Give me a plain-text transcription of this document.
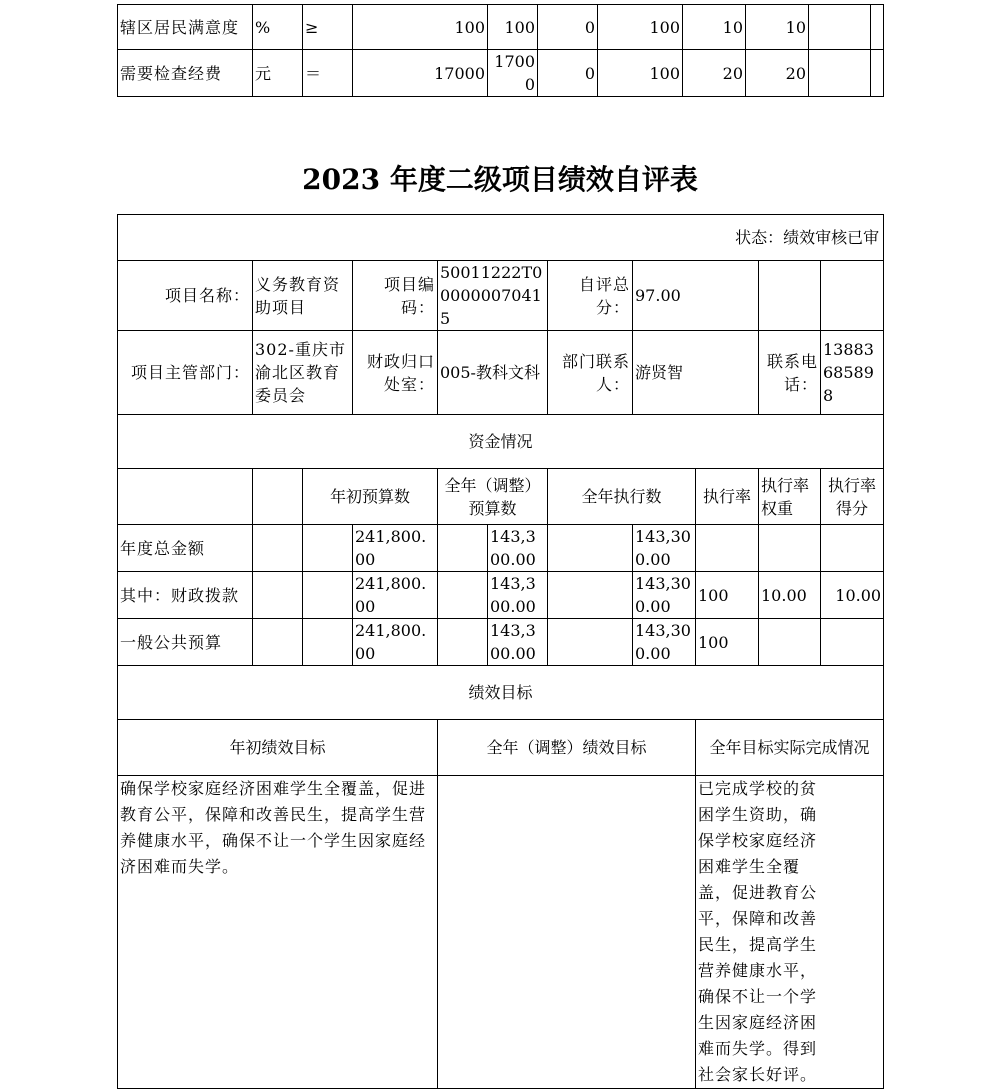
辖区居民满意度	%	≥	100	100	0	100	10	10		
需要检查经费	元	＝	17000	17000	0	100	20	20		
2023 年度二级项目绩效自评表
状态：绩效审核已审										
项目名称：	义务教育资助项目		项目编码：	50011222T000000070415		自评总分：	97.00			
项目主管部门：	302-重庆市渝北区教育委员会		财政归口处室：	005-教科文科		部门联系人：	游贤智		联系电话：	13883685898
资金情况										
		年初预算数		全年（调整）预算数		全年执行数		执行率	执行率权重	执行率得分
年度总金额			241,800.00		143,300.00		143,300.00			
其中：财政拨款			241,800.00		143,300.00		143,300.00	100	10.00	10.00
一般公共预算			241,800.00		143,300.00		143,300.00	100		
绩效目标										
年初绩效目标				全年（调整）绩效目标				全年目标实际完成情况		
确保学校家庭经济困难学生全覆盖，促进教育公平，保障和改善民生，提高学生营养健康水平，确保不让一个学生因家庭经济困难而失学。								已完成学校的贫困学生资助，确保学校家庭经济困难学生全覆盖，促进教育公平，保障和改善民生，提高学生营养健康水平，确保不让一个学生因家庭经济困难而失学。得到社会家长好评。		
